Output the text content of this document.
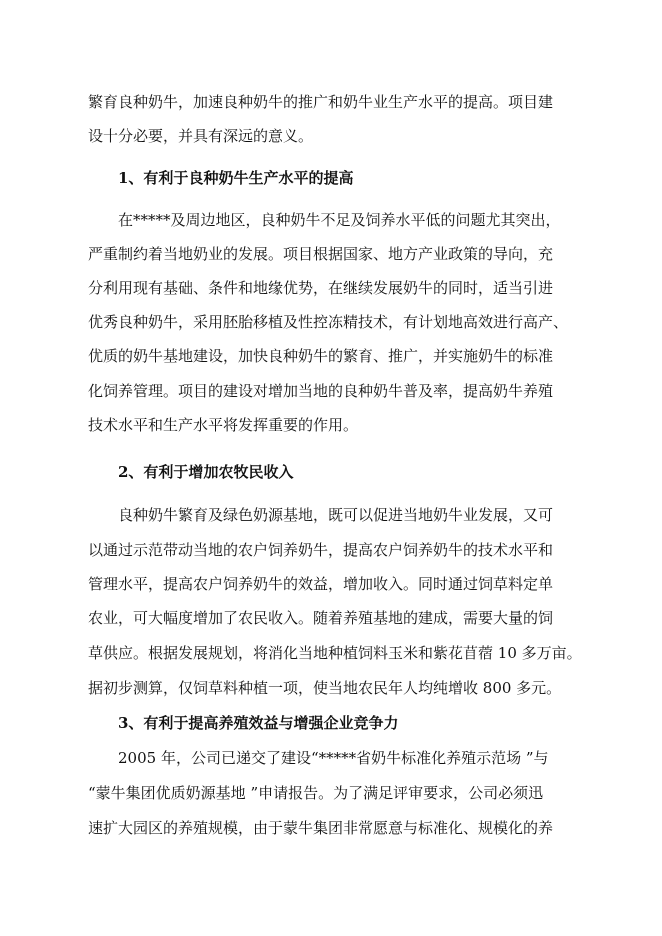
繁育良种奶牛，加速良种奶牛的推广和奶牛业生产水平的提高。项目建
设十分必要，并具有深远的意义。
1、有利于良种奶牛生产水平的提高
在*****及周边地区，良种奶牛不足及饲养水平低的问题尤其突出，
严重制约着当地奶业的发展。项目根据国家、地方产业政策的导向，充
分利用现有基础、条件和地缘优势，在继续发展奶牛的同时，适当引进
优秀良种奶牛，采用胚胎移植及性控冻精技术，有计划地高效进行高产、
优质的奶牛基地建设，加快良种奶牛的繁育、推广，并实施奶牛的标准
化饲养管理。项目的建设对增加当地的良种奶牛普及率，提高奶牛养殖
技术水平和生产水平将发挥重要的作用。
2、有利于增加农牧民收入
良种奶牛繁育及绿色奶源基地，既可以促进当地奶牛业发展，又可
以通过示范带动当地的农户饲养奶牛，提高农户饲养奶牛的技术水平和
管理水平，提高农户饲养奶牛的效益，增加收入。同时通过饲草料定单
农业，可大幅度增加了农民收入。随着养殖基地的建成，需要大量的饲
草供应。根据发展规划，将消化当地种植饲料玉米和紫花苜蓿 10 多万亩。
据初步测算，仅饲草料种植一项，使当地农民年人均纯增收 800 多元。
3、有利于提高养殖效益与增强企业竞争力
2005 年，公司已递交了建设“*****省奶牛标准化养殖示范场 ”与
“蒙牛集团优质奶源基地 ”申请报告。为了满足评审要求，公司必须迅
速扩大园区的养殖规模，由于蒙牛集团非常愿意与标准化、规模化的养
